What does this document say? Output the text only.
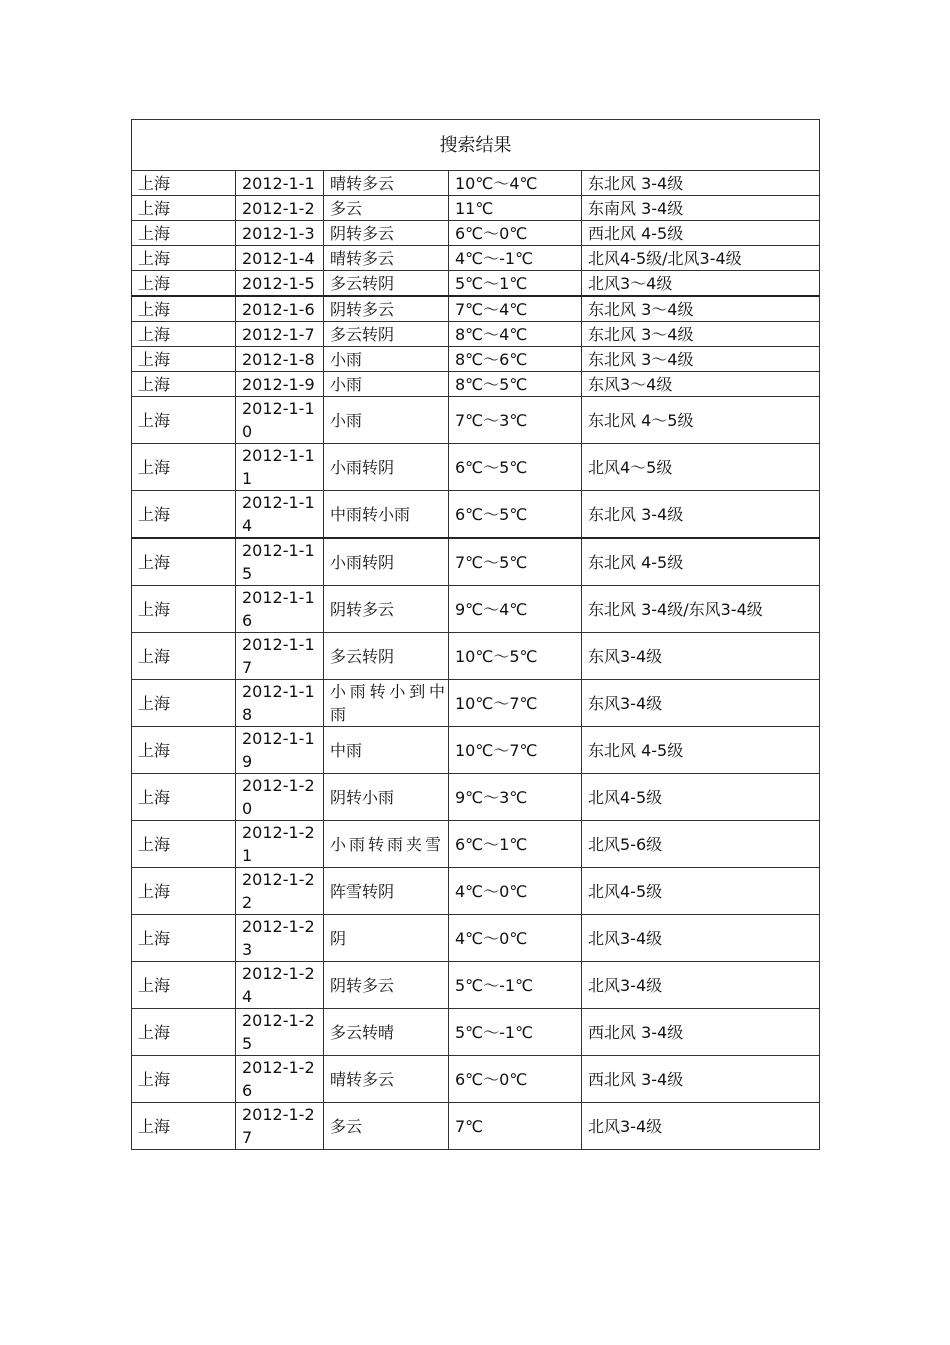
搜索结果				
上海	2012-1-1	晴转多云	10℃～4℃	东北风 3-4级
上海	2012-1-2	多云	11℃	东南风 3-4级
上海	2012-1-3	阴转多云	6℃～0℃	西北风 4-5级
上海	2012-1-4	晴转多云	4℃～-1℃	北风4-5级/北风3-4级
上海	2012-1-5	多云转阴	5℃～1℃	北风3～4级
上海	2012-1-6	阴转多云	7℃～4℃	东北风 3～4级
上海	2012-1-7	多云转阴	8℃～4℃	东北风 3～4级
上海	2012-1-8	小雨	8℃～6℃	东北风 3～4级
上海	2012-1-9	小雨	8℃～5℃	东风3～4级
上海	2012-1-10	小雨	7℃～3℃	东北风 4～5级
上海	2012-1-11	小雨转阴	6℃～5℃	北风4～5级
上海	2012-1-14	中雨转小雨	6℃～5℃	东北风 3-4级
上海	2012-1-15	小雨转阴	7℃～5℃	东北风 4-5级
上海	2012-1-16	阴转多云	9℃～4℃	东北风 3-4级/东风3-4级
上海	2012-1-17	多云转阴	10℃～5℃	东风3-4级
上海	2012-1-18	小雨转小到中雨	10℃～7℃	东风3-4级
上海	2012-1-19	中雨	10℃～7℃	东北风 4-5级
上海	2012-1-20	阴转小雨	9℃～3℃	北风4-5级
上海	2012-1-21	小雨转雨夹雪	6℃～1℃	北风5-6级
上海	2012-1-22	阵雪转阴	4℃～0℃	北风4-5级
上海	2012-1-23	阴	4℃～0℃	北风3-4级
上海	2012-1-24	阴转多云	5℃～-1℃	北风3-4级
上海	2012-1-25	多云转晴	5℃～-1℃	西北风 3-4级
上海	2012-1-26	晴转多云	6℃～0℃	西北风 3-4级
上海	2012-1-27	多云	7℃	北风3-4级
